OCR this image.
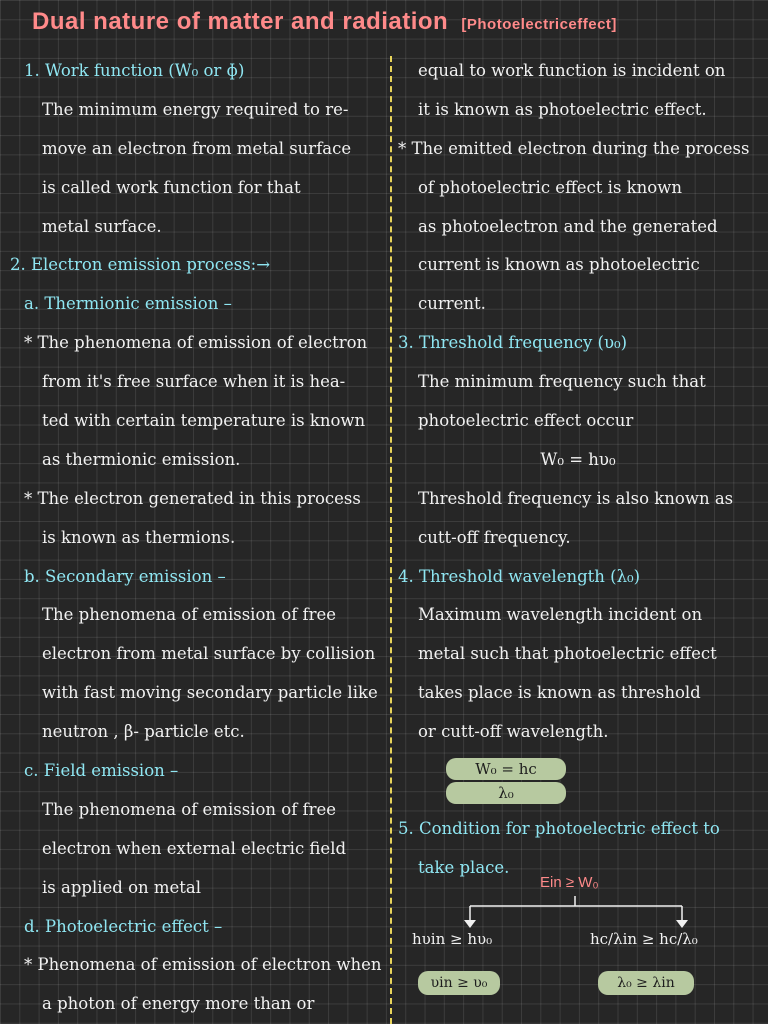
Dual nature of matter and radiation [Photoelectriceffect]
1. Work function (W₀ or ɸ)
The minimum energy required to re-
move an electron from metal surface
is called work function for that
metal surface.
2. Electron emission process:→
a. Thermionic emission –
* The phenomena of emission of electron
from it's free surface when it is hea-
ted with certain temperature is known
as thermionic emission.
* The electron generated in this process
is known as thermions.
b. Secondary emission –
The phenomena of emission of free
electron from metal surface by collision
with fast moving secondary particle like
neutron , β- particle etc.
c. Field emission –
The phenomena of emission of free
electron when external electric field
is applied on metal
d. Photoelectric effect –
* Phenomena of emission of electron when
a photon of energy more than or
equal to work function is incident on
it is known as photoelectric effect.
* The emitted electron during the process
of photoelectric effect is known
as photoelectron and the generated
current is known as photoelectric
current.
3. Threshold frequency (υ₀)
The minimum frequency such that
photoelectric effect occur
W₀ = hυ₀
Threshold frequency is also known as
cutt-off frequency.
4. Threshold wavelength (λ₀)
Maximum wavelength incident on
metal such that photoelectric effect
takes place is known as threshold
or cutt-off wavelength.
W₀ = hc
λ₀
5. Condition for photoelectric effect to
take place.
Ein ≥ W₀
hυin ≥ hυ₀	hc/λin ≥ hc/λ₀
υin ≥ υ₀	λ₀ ≥ λin
